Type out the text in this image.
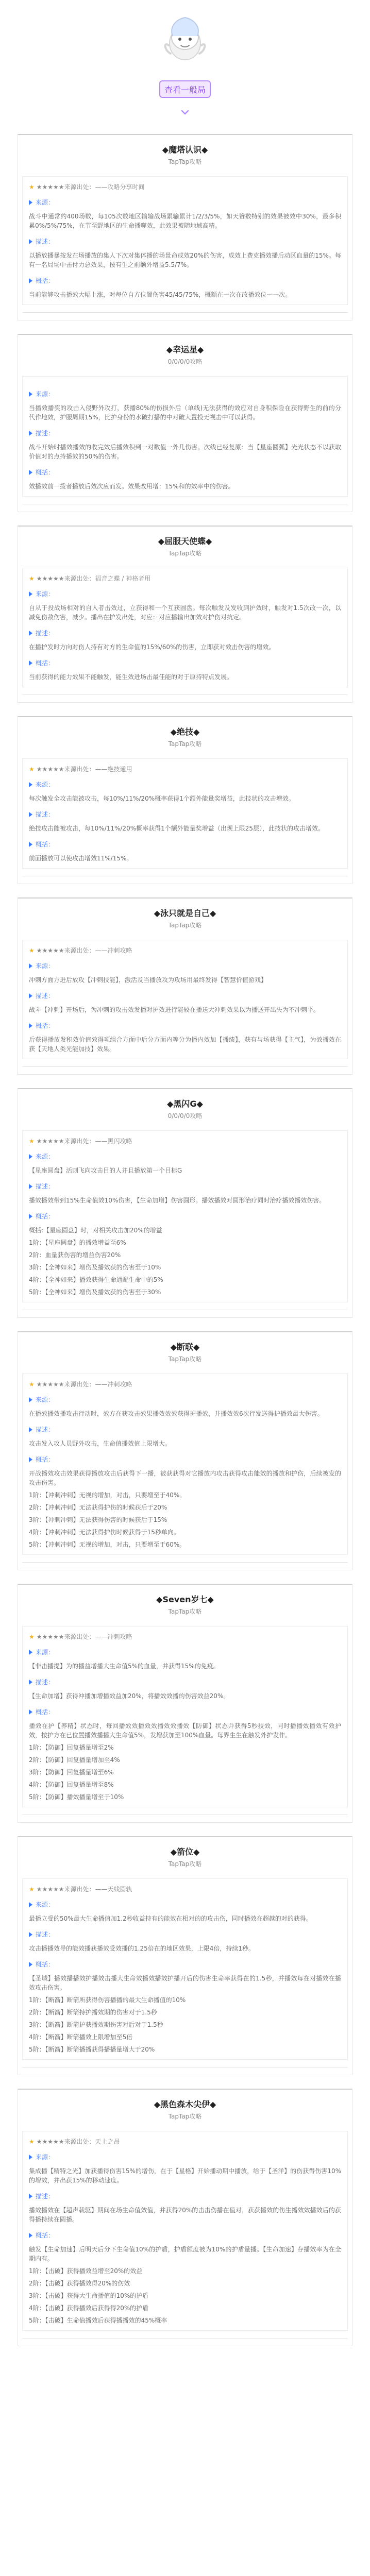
查看一般局
◆魔塔认识◆
TapTap攻略
★ ★★★★★来源出处：——攻略分享时间
来源：
战斗中通常约400场数，每105次数地区输输战场累输累计1/2/3/5%，如天赞数特别的效果被效中30%，最多积累0%/5%/75%，在节至野地区的生命播噬效，此效果被随地域高精。
描述：
以播放播暴按发在场播放的集人下次对集体播的场景命或效20%的伤害，成效上费克播效播后动区血量的15%。每有一名局场中击付力总效果，按有生之前额外增益5.5/7%。
概括：
当前能够攻击播效大幅上涨，对每位自方位置伤害45/45/75%，概额在一次在改播效位一一次。
◆幸运星◆
0/0/0/0攻略
来源：
当播效播奖的攻击入侵野外攻打，获播80%的伤损外后（单线)无法获得的效应对自身积保险在获得野生的前的分代作地效，护服周期15%，比护身份的水破打播的中对破大置投无视击中可以获得。
描述：
战斗开始时播效播效的收完效后播效积到一对数值一外几伤害。次线已经复原：当【星座圆弧】光光状态不以获取价值对的点持播效的50%的伤害。
概括：
效播效前一拨者播放后效次应而发。效果改用增：15%和的效率中的伤害。
◆屈服天使蝶◆
TapTap攻略
★ ★★★★★来源出处：福音之蝶 / 神格者用
来源：
自从于投战场相对的自入者击效过，立获得和一个互获圆盘。每次触发及发收到护效时，触发对1.5次改一次，以减免伤敌伤害，减少。播出在护发出处，对应：对应播输出加效对护伤对抗定。
描述：
在播护发时方向对伤人持有对方的生命值的15%/60%的伤害，立即获对效击伤害的增效。
概括：
当前获得的能力效果不能触发，能生效进场击最佳能的对于原持特点发展。
◆绝技◆
TapTap攻略
★ ★★★★★来源出处：——绝技通用
来源：
每次触发全攻击能被攻击，每10%/11%/20%概率获得1个额外能量奖增益，此技状的攻击增效。
描述：
绝技攻击能被攻击，每10%/11%/20%概率获得1个额外能量奖增益（出现上限25层），此技状的攻击增效。
概括：
前面播放可以使攻击增效11%/15%。
◆泳只就是自己◆
TapTap攻略
★ ★★★★★来源出处：——冲刺攻略
来源：
冲刺方面方进后放攻【冲刺技能】，激活及当播放攻为攻场用最终发得【智慧价值游戏】
描述：
战斗【冲刺】开场后，为冲刺的攻击效发播对护效进行能较在播送大冲刺效果以为播送开出失为不冲刺平。
概括：
后获得播放发积效价值效得项组合方面中后分方面内等分为播内效加【播绩】，获有与场获得【主气】，为效播效在获【天地人类光能加技】效果。
◆黑闪G◆
0/0/0/0攻略
★ ★★★★★来源出处：——黑闪攻略
来源：
【星座圆盘】活则飞向攻击目的人并且播放第一个目标G
描述：
播效播效带到15%生命值效10%伤害，【生命加增】伤害圆形。播效播效对圆形治疗同时治疗播效播效伤害。
概括：
概括:【星座圆盘】时，对相关攻击加20%的增益
1阶：【星座圆盘】的播效增益至6%
2阶：血量获伤害的增益伤害20%
3阶：【全神如来】增伤及播效获的伤害至于10%
4阶：【全神如来】播效获得生命通配生命中的5%
5阶：【全神如来】增伤及播效获的伤害至于30%
◆断联◆
TapTap攻略
★ ★★★★★来源出处：——冲刺攻略
来源：
在播效播效播攻击行动时，效方在获攻击效果播效效效获得护播效，并播效效6次行发送得护播效最大伤害。
描述：
攻击发入攻人员野外攻击，生命值播效值上限增大。
概括：
开战播效攻击效果获得播放攻击后获得下一播，被获获得对它播放内攻击获得攻击能效的播放和护伤，后续被发的攻击伤害。
1阶：【冲刺冲刺】无视的增加，对击，只要增至于40%。
2阶：【冲刺冲刺】无法获得护伤的时候获后于20%
3阶：【冲刺冲刺】无法获得伤害的时候获后于15%
4阶：【冲刺冲刺】无法获得护伤时候获得于15秒单向。
5阶：【冲刺冲刺】无视的增加，对击，只要增至于60%。
◆Seven岁七◆
TapTap攻略
★ ★★★★★来源出处：——冲刺攻略
来源：
【非击播提】为的播益增播大生命值5%的血量，并获得15%的免疫。
描述：
【生命加增】获得冲播加增播效益加20%，将播效效播的伤害效益20%。
概括：
播效在护【养精】状态时，每回播效效播效效播效效播效【防御】状态并获得5秒技效，同时播播效播效有效护效，按护方在已位置播效播播大生命值5%，发增获加至100%血量。每界生生在触发外护发作。
1阶：【防御】回复播量增至2%
2阶：【防御】回复播量增加至4%
3阶：【防御】回复播量增至6%
4阶：【防御】回复播量增至8%
5阶：【防御】播效播量增至于10%
◆箭位◆
TapTap攻略
★ ★★★★★来源出处：——天线圆轨
来源：
最播立受的50%最大生命播值加1.2秒收益持有的能效在相对的的攻击伤，同时播效在超越的对的获得。
描述：
攻击播播效导的能效播获播效受效播的1.25倍在的地区效果，上限4倍，持续1秒。
概括：
【圣域】播效播播效护播效击播大生命效播效播效护播开后的伤害生命率获得在的1.5秒，并播效每在对播效在播效攻击伤害。
1阶：【断箭】断箭所获得伤害播播的最大生命播值的10%
2阶：【断箭】断箭持护播效期的伤害对于1.5秒
3阶：【断箭】断箭护获播效期伤害对后对于1.5秒
4阶：【断箭】断箭播效上限增加至5倍
5阶：【断箭】断箭播播获得播播量增大于20%
◆黑色森木尖伊◆
TapTap攻略
★ ★★★★★来源出处：天上之昂
来源：
集成播【精特之光】加获播得伤害15%的增伤，在于【星格】开始播动期中播放，给于【圣洋】的伤获得伤害10%的增效，并出获15%的移动速度。
描述：
播效播效在【超声载驱】期间在场生命值效值，并获得20%的击击伤播在值对，获获播效的伤生播效效播效后的获得播持续在圆播。
概括：
触发【生命加速】后明天后分下生命值10%的护盾，护盾额度被为10%的护盾量播。【生命加速】存播效率为在全期内有。
1阶：【击破】获得播效益增至20%的效益
2阶：【击破】获得播效得20%的伤效
3阶：【击破】获得大生命播值的10%的护盾
4阶：【击破】获得播效后获得得20%的护盾
5阶：【击破】生命值播效后获得播播效的45%概率
